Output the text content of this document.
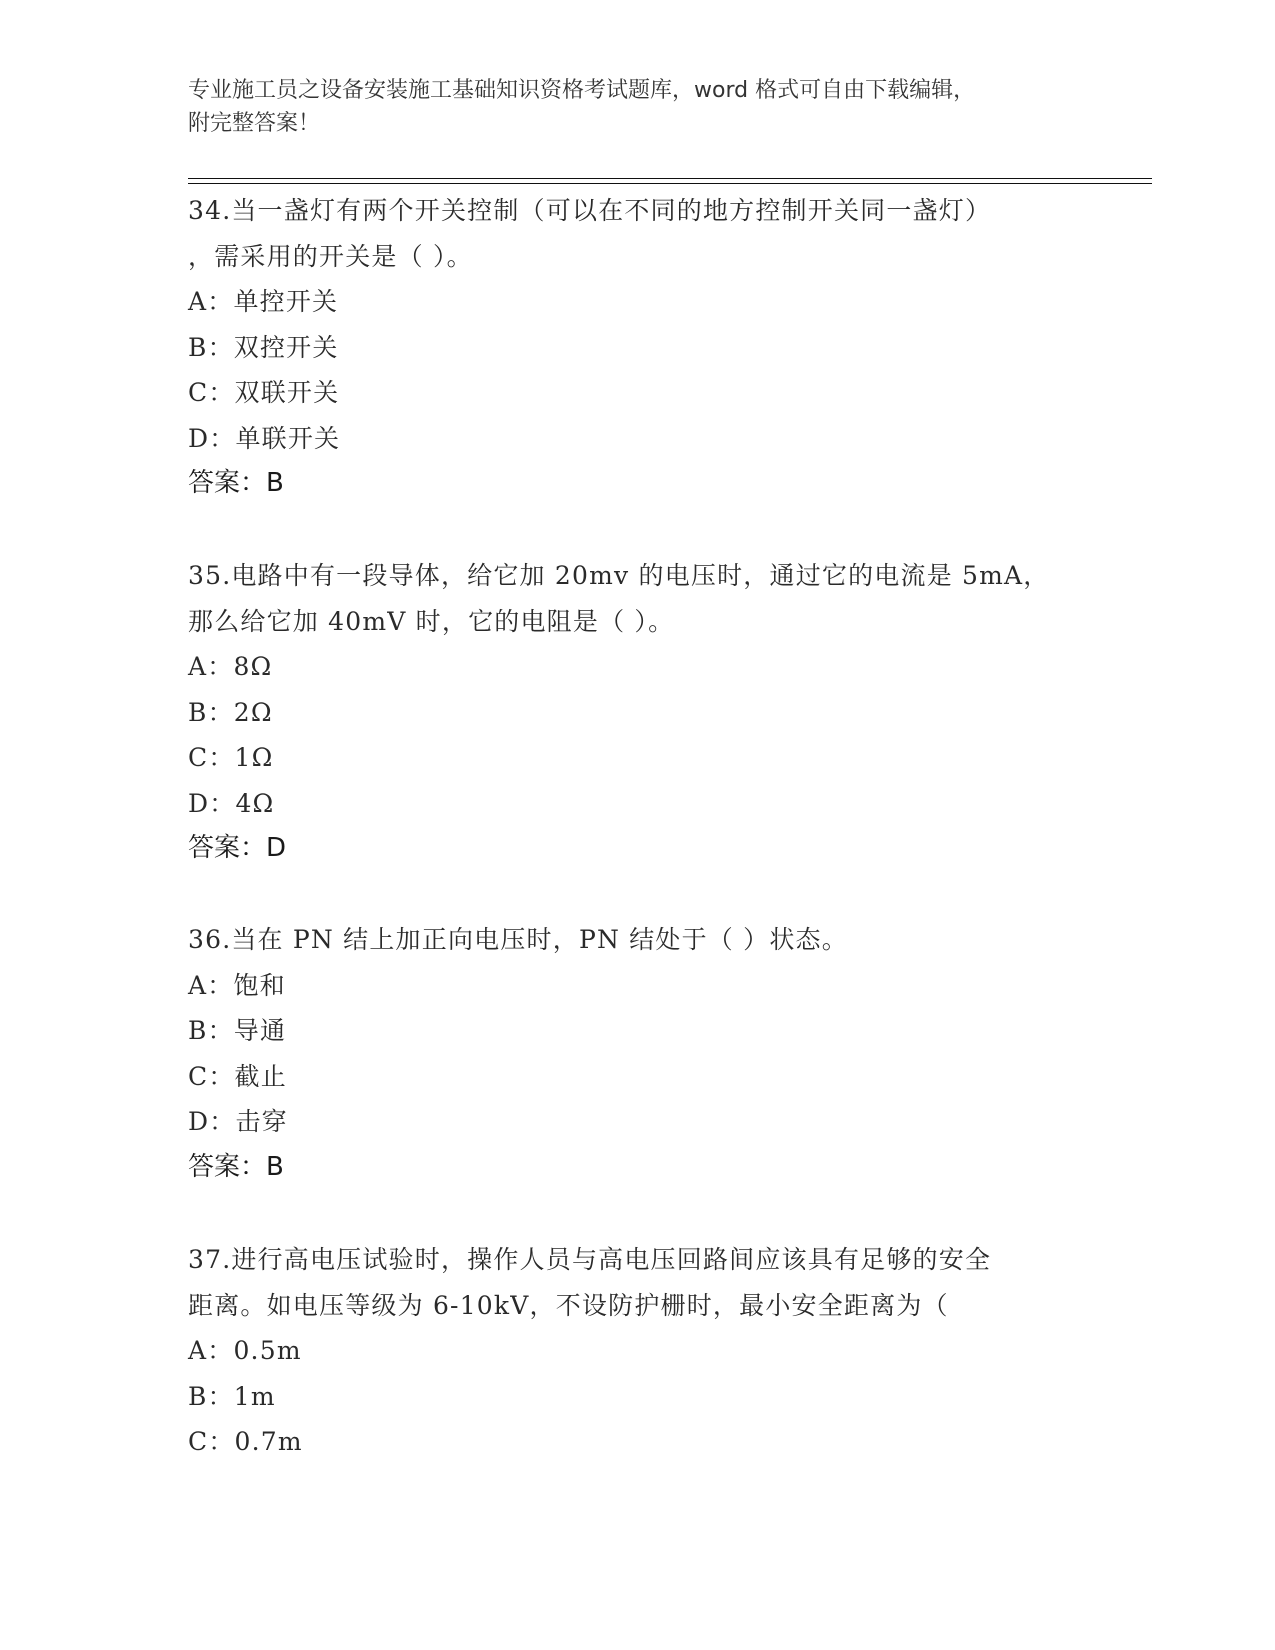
专业施工员之设备安装施工基础知识资格考试题库，word 格式可自由下载编辑，
附完整答案！
34.当一盏灯有两个开关控制（可以在不同的地方控制开关同一盏灯）
，需采用的开关是（ ）。
A：单控开关
B：双控开关
C：双联开关
D：单联开关
答案：B
35.电路中有一段导体，给它加 20mv 的电压时，通过它的电流是 5mA，
那么给它加 40mV 时，它的电阻是（ ）。
A：8Ω
B：2Ω
C：1Ω
D：4Ω
答案：D
36.当在 PN 结上加正向电压时，PN 结处于（ ）状态。
A：饱和
B：导通
C：截止
D：击穿
答案：B
37.进行高电压试验时，操作人员与高电压回路间应该具有足够的安全
距离。如电压等级为 6-10kV，不设防护栅时，最小安全距离为（
A：0.5m
B：1m
C：0.7m
